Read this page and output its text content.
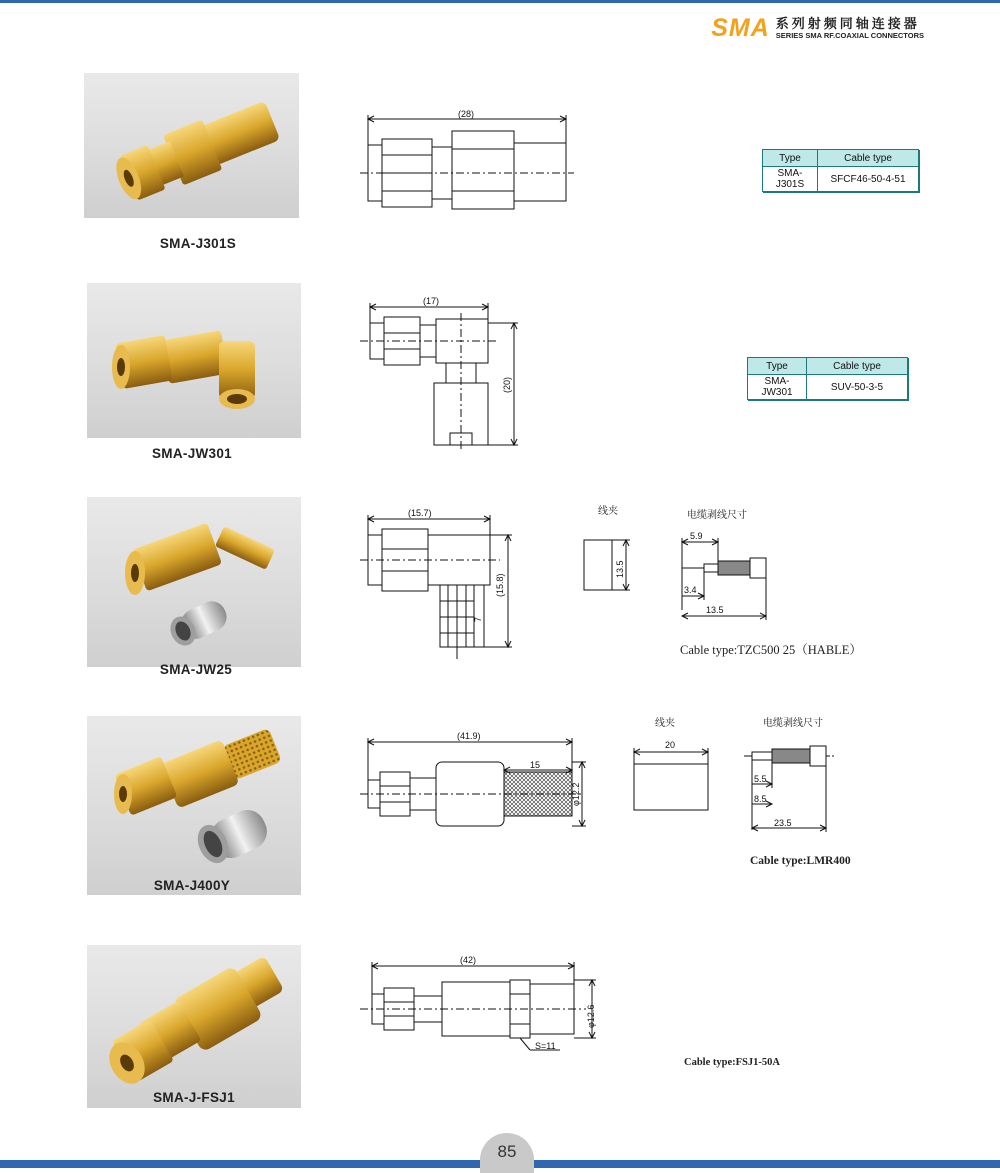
SMA 系列射频同轴连接器
SERIES SMA RF.COAXIAL CONNECTORS
SMA-J301S
(28)
Type	Cable type
SMA-J301S	SFCF46-50-4-51
SMA-JW301
(17)
(20)
Type	Cable type
SMA-JW301	SUV-50-3-5
SMA-JW25
(15.7)
(15.8)
7
线夹
13.5
电缆剥线尺寸
5.9
3.4
13.5
Cable type:TZC500 25（HABLE）
SMA-J400Y
(41.9)
15
φ12.2
线夹
20
电缆剥线尺寸
5.5
8.5
23.5
Cable type:LMR400
SMA-J-FSJ1
(42)
φ12.6
S=11
Cable type:FSJ1-50A
85
